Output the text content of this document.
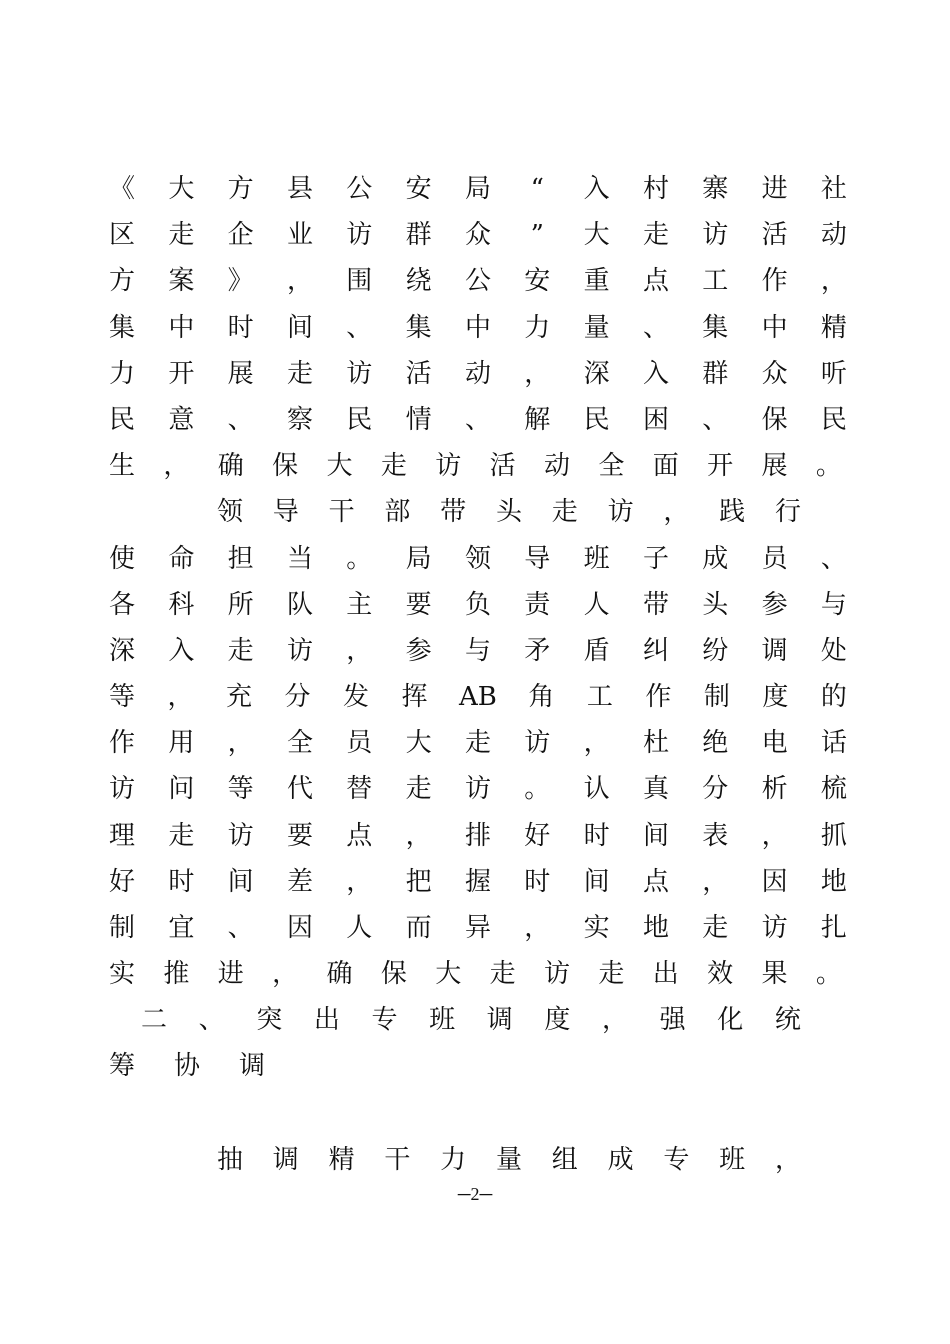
《 大 方 县 公 安 局 “ 入 村 寨 进 社
区 走 企 业 访 群 众 ” 大 走 访 活 动
方 案 》 ， 围 绕 公 安 重 点 工 作 ，
集 中 时 间 、 集 中 力 量 、 集 中 精
力 开 展 走 访 活 动 ， 深 入 群 众 听
民 意 、 察 民 情 、 解 民 困 、 保 民
生 ， 确 保 大 走 访 活 动 全 面 开 展 。
领 导 干 部 带 头 走 访 ， 践 行
使 命 担 当 。 局 领 导 班 子 成 员 、
各 科 所 队 主 要 负 责 人 带 头 参 与
深 入 走 访 ， 参 与 矛 盾 纠 纷 调 处
等 ， 充 分 发 挥 AB 角 工 作 制 度 的
作 用 ， 全 员 大 走 访 ， 杜 绝 电 话
访 问 等 代 替 走 访 。 认 真 分 析 梳
理 走 访 要 点 ， 排 好 时 间 表 ， 抓
好 时 间 差 ， 把 握 时 间 点 ， 因 地
制 宜 、 因 人 而 异 ， 实 地 走 访 扎
实 推 进 ， 确 保 大 走 访 走 出 效 果 。
二 、 突 出 专 班 调 度 ， 强 化 统
筹 协 调
抽 调 精 干 力 量 组 成 专 班 ，
─2─
